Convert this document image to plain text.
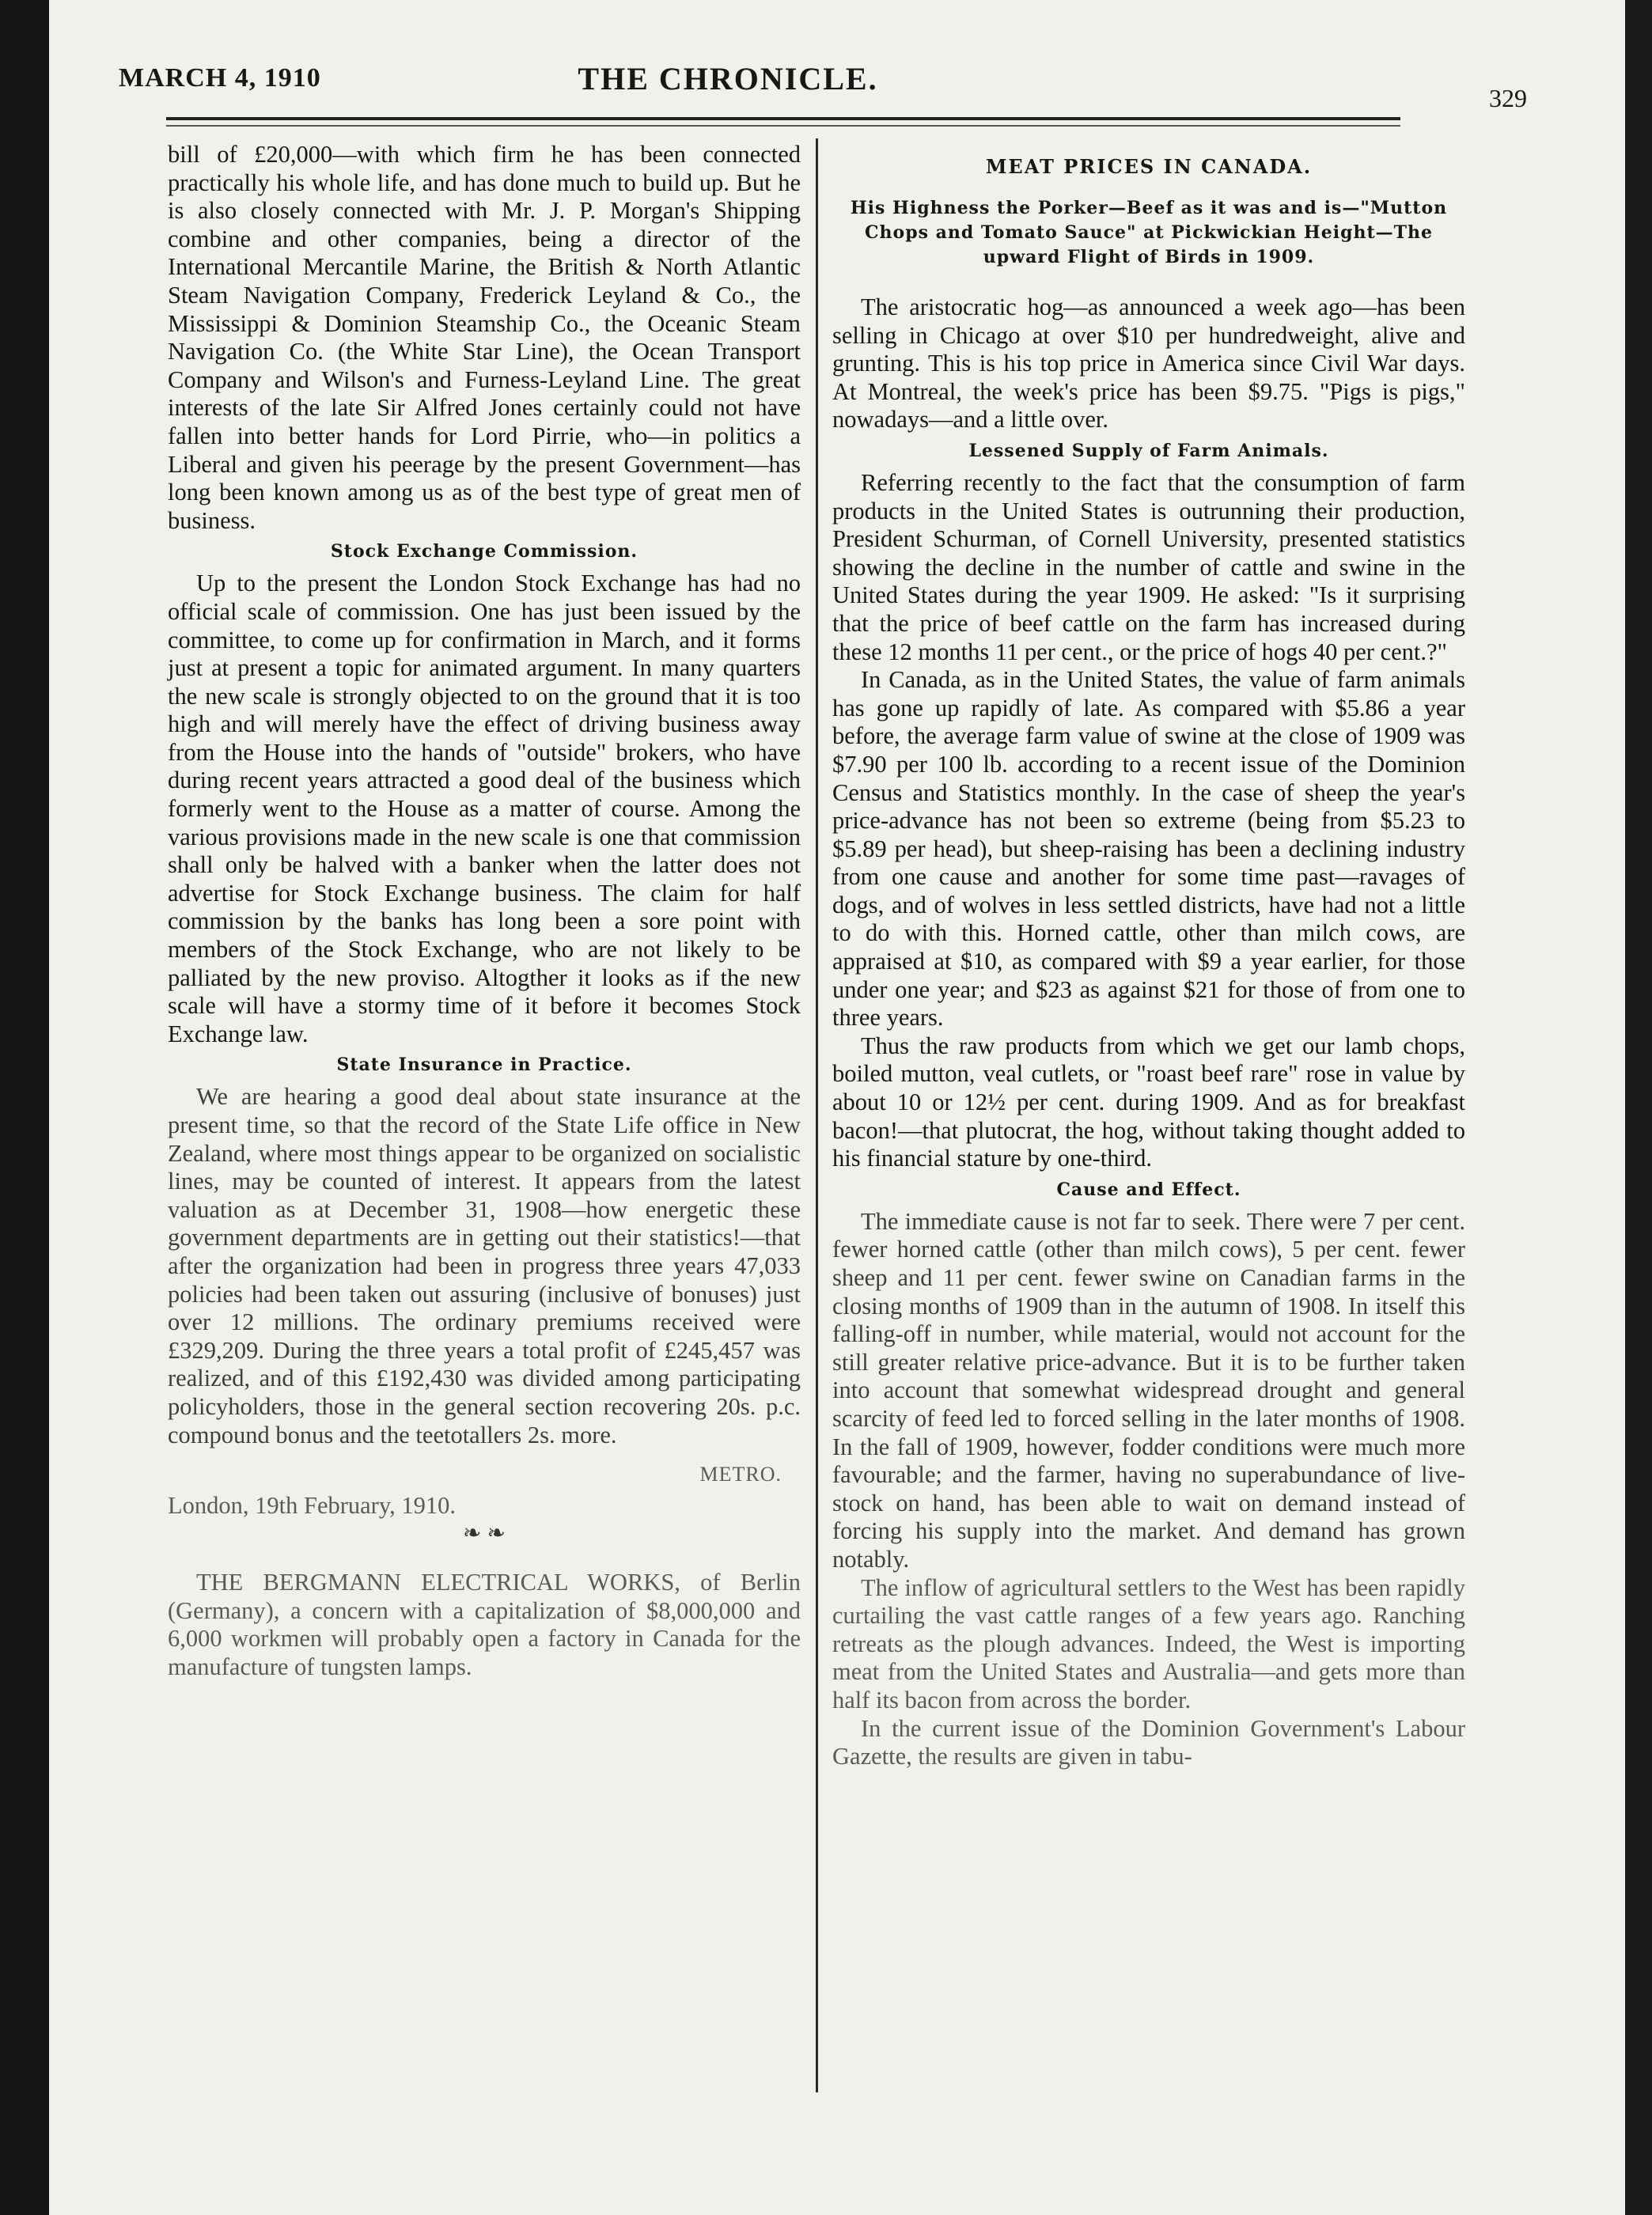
MARCH 4, 1910	THE CHRONICLE.
329

bill of £20,000—with which firm he has been connected practically his whole life, and has done much to build up. But he is also closely connected with Mr. J. P. Morgan's Shipping combine and other companies, being a director of the International Mercantile Marine, the British & North Atlantic Steam Navigation Company, Frederick Leyland & Co., the Mississippi & Dominion Steamship Co., the Oceanic Steam Navigation Co. (the White Star Line), the Ocean Transport Company and Wilson's and Furness-Leyland Line. The great interests of the late Sir Alfred Jones certainly could not have fallen into better hands for Lord Pirrie, who—in politics a Liberal and given his peerage by the present Government—has long been known among us as of the best type of great men of business.

Stock Exchange Commission.

Up to the present the London Stock Exchange has had no official scale of commission. One has just been issued by the committee, to come up for confirmation in March, and it forms just at present a topic for animated argument. In many quarters the new scale is strongly objected to on the ground that it is too high and will merely have the effect of driving business away from the House into the hands of "outside" brokers, who have during recent years attracted a good deal of the business which formerly went to the House as a matter of course. Among the various provisions made in the new scale is one that commission shall only be halved with a banker when the latter does not advertise for Stock Exchange business. The claim for half commission by the banks has long been a sore point with members of the Stock Exchange, who are not likely to be palliated by the new proviso. Altogther it looks as if the new scale will have a stormy time of it before it becomes Stock Exchange law.

State Insurance in Practice.

We are hearing a good deal about state insurance at the present time, so that the record of the State Life office in New Zealand, where most things appear to be organized on socialistic lines, may be counted of interest. It appears from the latest valuation as at December 31, 1908—how energetic these government departments are in getting out their statistics!—that after the organization had been in progress three years 47,033 policies had been taken out assuring (inclusive of bonuses) just over 12 millions. The ordinary premiums received were £329,209. During the three years a total profit of £245,457 was realized, and of this £192,430 was divided among participating policyholders, those in the general section recovering 20s. p.c. compound bonus and the teetotallers 2s. more.

METRO.

London, 19th February, 1910.

❧ ❧

THE BERGMANN ELECTRICAL WORKS, of Berlin (Germany), a concern with a capitalization of $8,000,000 and 6,000 workmen will probably open a factory in Canada for the manufacture of tungsten lamps.

MEAT PRICES IN CANADA.
His Highness the Porker—Beef as it was and is—"Mutton Chops and Tomato Sauce" at Pickwickian Height—The upward Flight of Birds in 1909.

The aristocratic hog—as announced a week ago—has been selling in Chicago at over $10 per hundredweight, alive and grunting. This is his top price in America since Civil War days. At Montreal, the week's price has been $9.75. "Pigs is pigs," nowadays—and a little over.

Lessened Supply of Farm Animals.

Referring recently to the fact that the consumption of farm products in the United States is outrunning their production, President Schurman, of Cornell University, presented statistics showing the decline in the number of cattle and swine in the United States during the year 1909. He asked: "Is it surprising that the price of beef cattle on the farm has increased during these 12 months 11 per cent., or the price of hogs 40 per cent.?"

In Canada, as in the United States, the value of farm animals has gone up rapidly of late. As compared with $5.86 a year before, the average farm value of swine at the close of 1909 was $7.90 per 100 lb. according to a recent issue of the Dominion Census and Statistics monthly. In the case of sheep the year's price-advance has not been so extreme (being from $5.23 to $5.89 per head), but sheep-raising has been a declining industry from one cause and another for some time past—ravages of dogs, and of wolves in less settled districts, have had not a little to do with this. Horned cattle, other than milch cows, are appraised at $10, as compared with $9 a year earlier, for those under one year; and $23 as against $21 for those of from one to three years.

Thus the raw products from which we get our lamb chops, boiled mutton, veal cutlets, or "roast beef rare" rose in value by about 10 or 12½ per cent. during 1909. And as for breakfast bacon!—that plutocrat, the hog, without taking thought added to his financial stature by one-third.

Cause and Effect.

The immediate cause is not far to seek. There were 7 per cent. fewer horned cattle (other than milch cows), 5 per cent. fewer sheep and 11 per cent. fewer swine on Canadian farms in the closing months of 1909 than in the autumn of 1908. In itself this falling-off in number, while material, would not account for the still greater relative price-advance. But it is to be further taken into account that somewhat widespread drought and general scarcity of feed led to forced selling in the later months of 1908. In the fall of 1909, however, fodder conditions were much more favourable; and the farmer, having no superabundance of live-stock on hand, has been able to wait on demand instead of forcing his supply into the market. And demand has grown notably.

The inflow of agricultural settlers to the West has been rapidly curtailing the vast cattle ranges of a few years ago. Ranching retreats as the plough advances. Indeed, the West is importing meat from the United States and Australia—and gets more than half its bacon from across the border.

In the current issue of the Dominion Government's Labour Gazette, the results are given in tabu-
